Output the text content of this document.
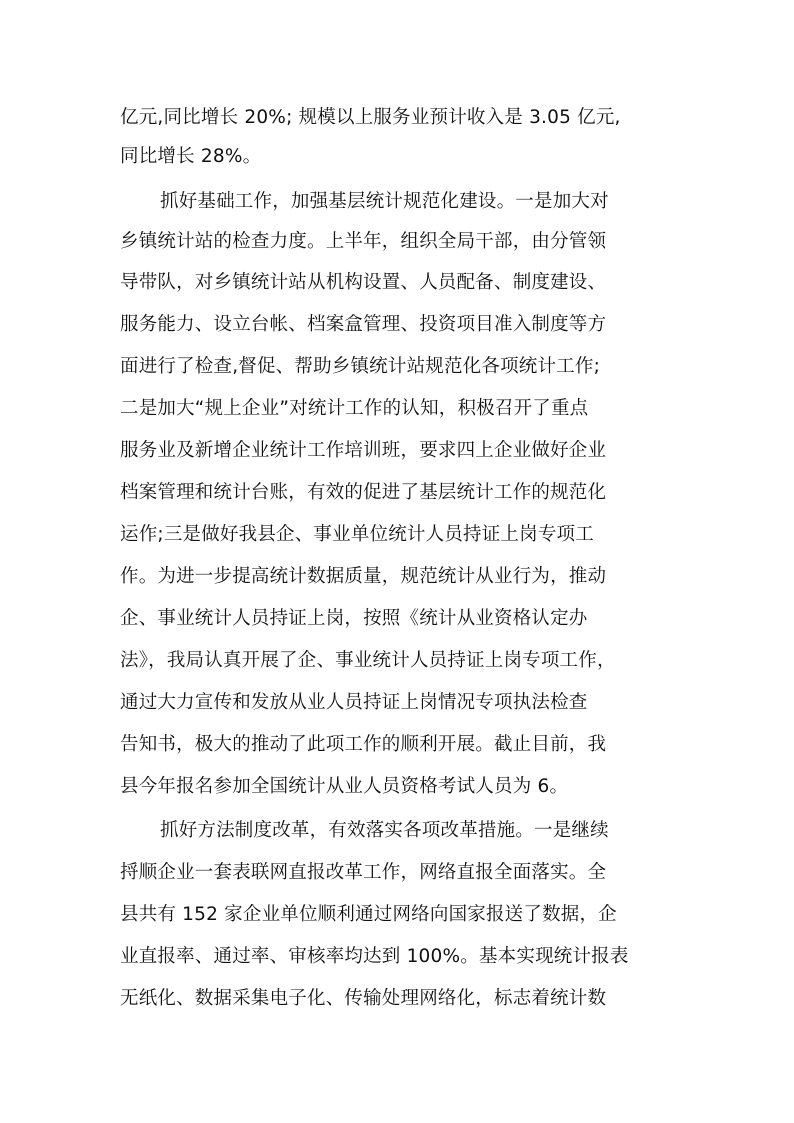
亿元,同比增长 20%; 规模以上服务业预计收入是 3.05 亿元,
同比增长 28%。
抓好基础工作，加强基层统计规范化建设。一是加大对
乡镇统计站的检查力度。上半年，组织全局干部，由分管领
导带队，对乡镇统计站从机构设置、人员配备、制度建设、
服务能力、设立台帐、档案盒管理、投资项目准入制度等方
面进行了检查,督促、帮助乡镇统计站规范化各项统计工作;
二是加大“规上企业”对统计工作的认知，积极召开了重点
服务业及新增企业统计工作培训班，要求四上企业做好企业
档案管理和统计台账，有效的促进了基层统计工作的规范化
运作;三是做好我县企、事业单位统计人员持证上岗专项工
作。为进一步提高统计数据质量，规范统计从业行为，推动
企、事业统计人员持证上岗，按照《统计从业资格认定办
法》，我局认真开展了企、事业统计人员持证上岗专项工作，
通过大力宣传和发放从业人员持证上岗情况专项执法检查
告知书，极大的推动了此项工作的顺利开展。截止目前，我
县今年报名参加全国统计从业人员资格考试人员为 6。
抓好方法制度改革，有效落实各项改革措施。一是继续
捋顺企业一套表联网直报改革工作，网络直报全面落实。全
县共有 152 家企业单位顺利通过网络向国家报送了数据，企
业直报率、通过率、审核率均达到 100%。基本实现统计报表
无纸化、数据采集电子化、传输处理网络化，标志着统计数
